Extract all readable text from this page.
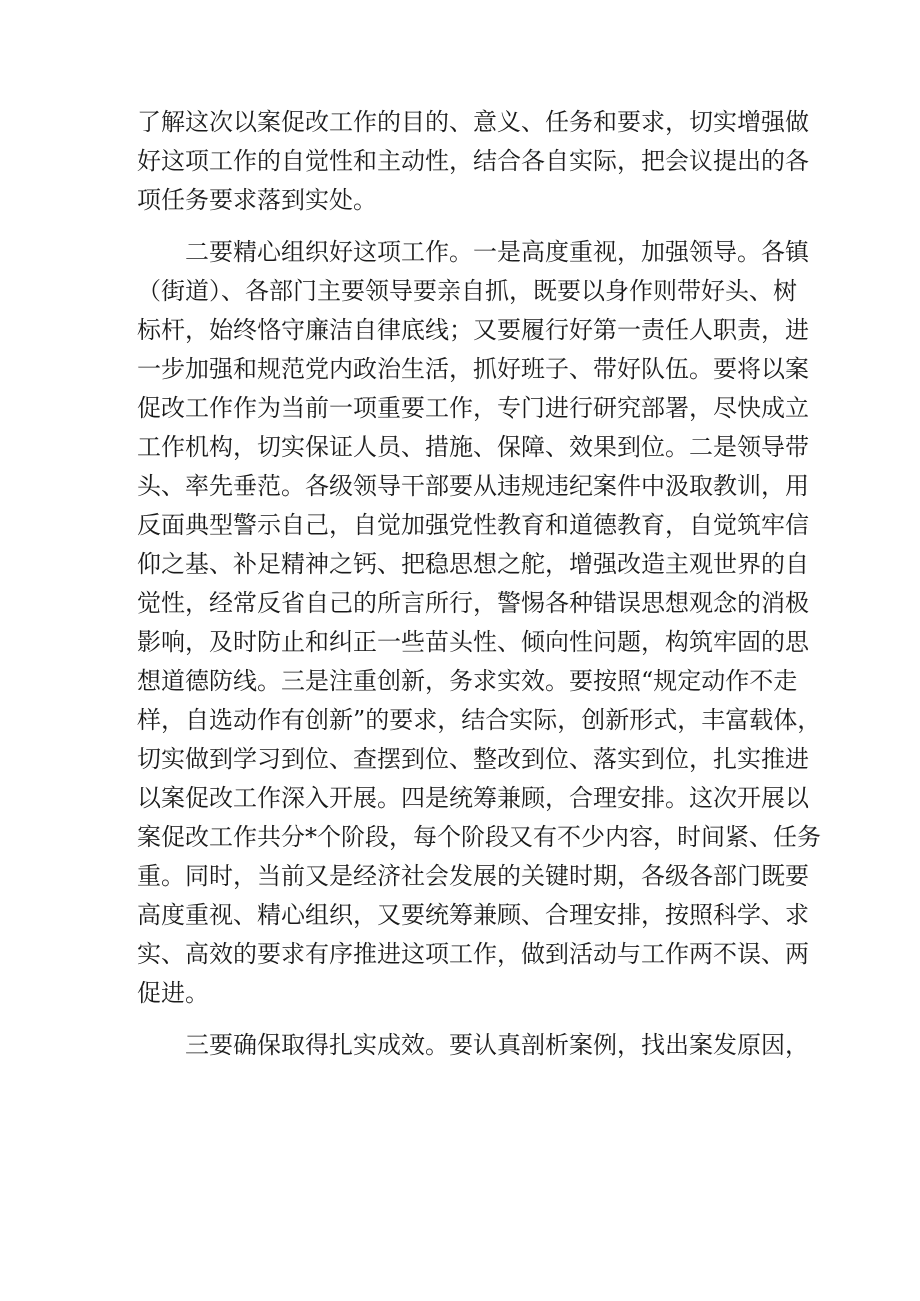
了解这次以案促改工作的目的、意义、任务和要求，切实增强做
好这项工作的自觉性和主动性，结合各自实际，把会议提出的各
项任务要求落到实处。
　　二要精心组织好这项工作。一是高度重视，加强领导。各镇
（街道）、各部门主要领导要亲自抓，既要以身作则带好头、树
标杆，始终恪守廉洁自律底线；又要履行好第一责任人职责，进
一步加强和规范党内政治生活，抓好班子、带好队伍。要将以案
促改工作作为当前一项重要工作，专门进行研究部署，尽快成立
工作机构，切实保证人员、措施、保障、效果到位。二是领导带
头、率先垂范。各级领导干部要从违规违纪案件中汲取教训，用
反面典型警示自己，自觉加强党性教育和道德教育，自觉筑牢信
仰之基、补足精神之钙、把稳思想之舵，增强改造主观世界的自
觉性，经常反省自己的所言所行，警惕各种错误思想观念的消极
影响，及时防止和纠正一些苗头性、倾向性问题，构筑牢固的思
想道德防线。三是注重创新，务求实效。要按照“规定动作不走
样，自选动作有创新”的要求，结合实际，创新形式，丰富载体，
切实做到学习到位、查摆到位、整改到位、落实到位，扎实推进
以案促改工作深入开展。四是统筹兼顾，合理安排。这次开展以
案促改工作共分*个阶段，每个阶段又有不少内容，时间紧、任务
重。同时，当前又是经济社会发展的关键时期，各级各部门既要
高度重视、精心组织，又要统筹兼顾、合理安排，按照科学、求
实、高效的要求有序推进这项工作，做到活动与工作两不误、两
促进。
　　三要确保取得扎实成效。要认真剖析案例，找出案发原因，
